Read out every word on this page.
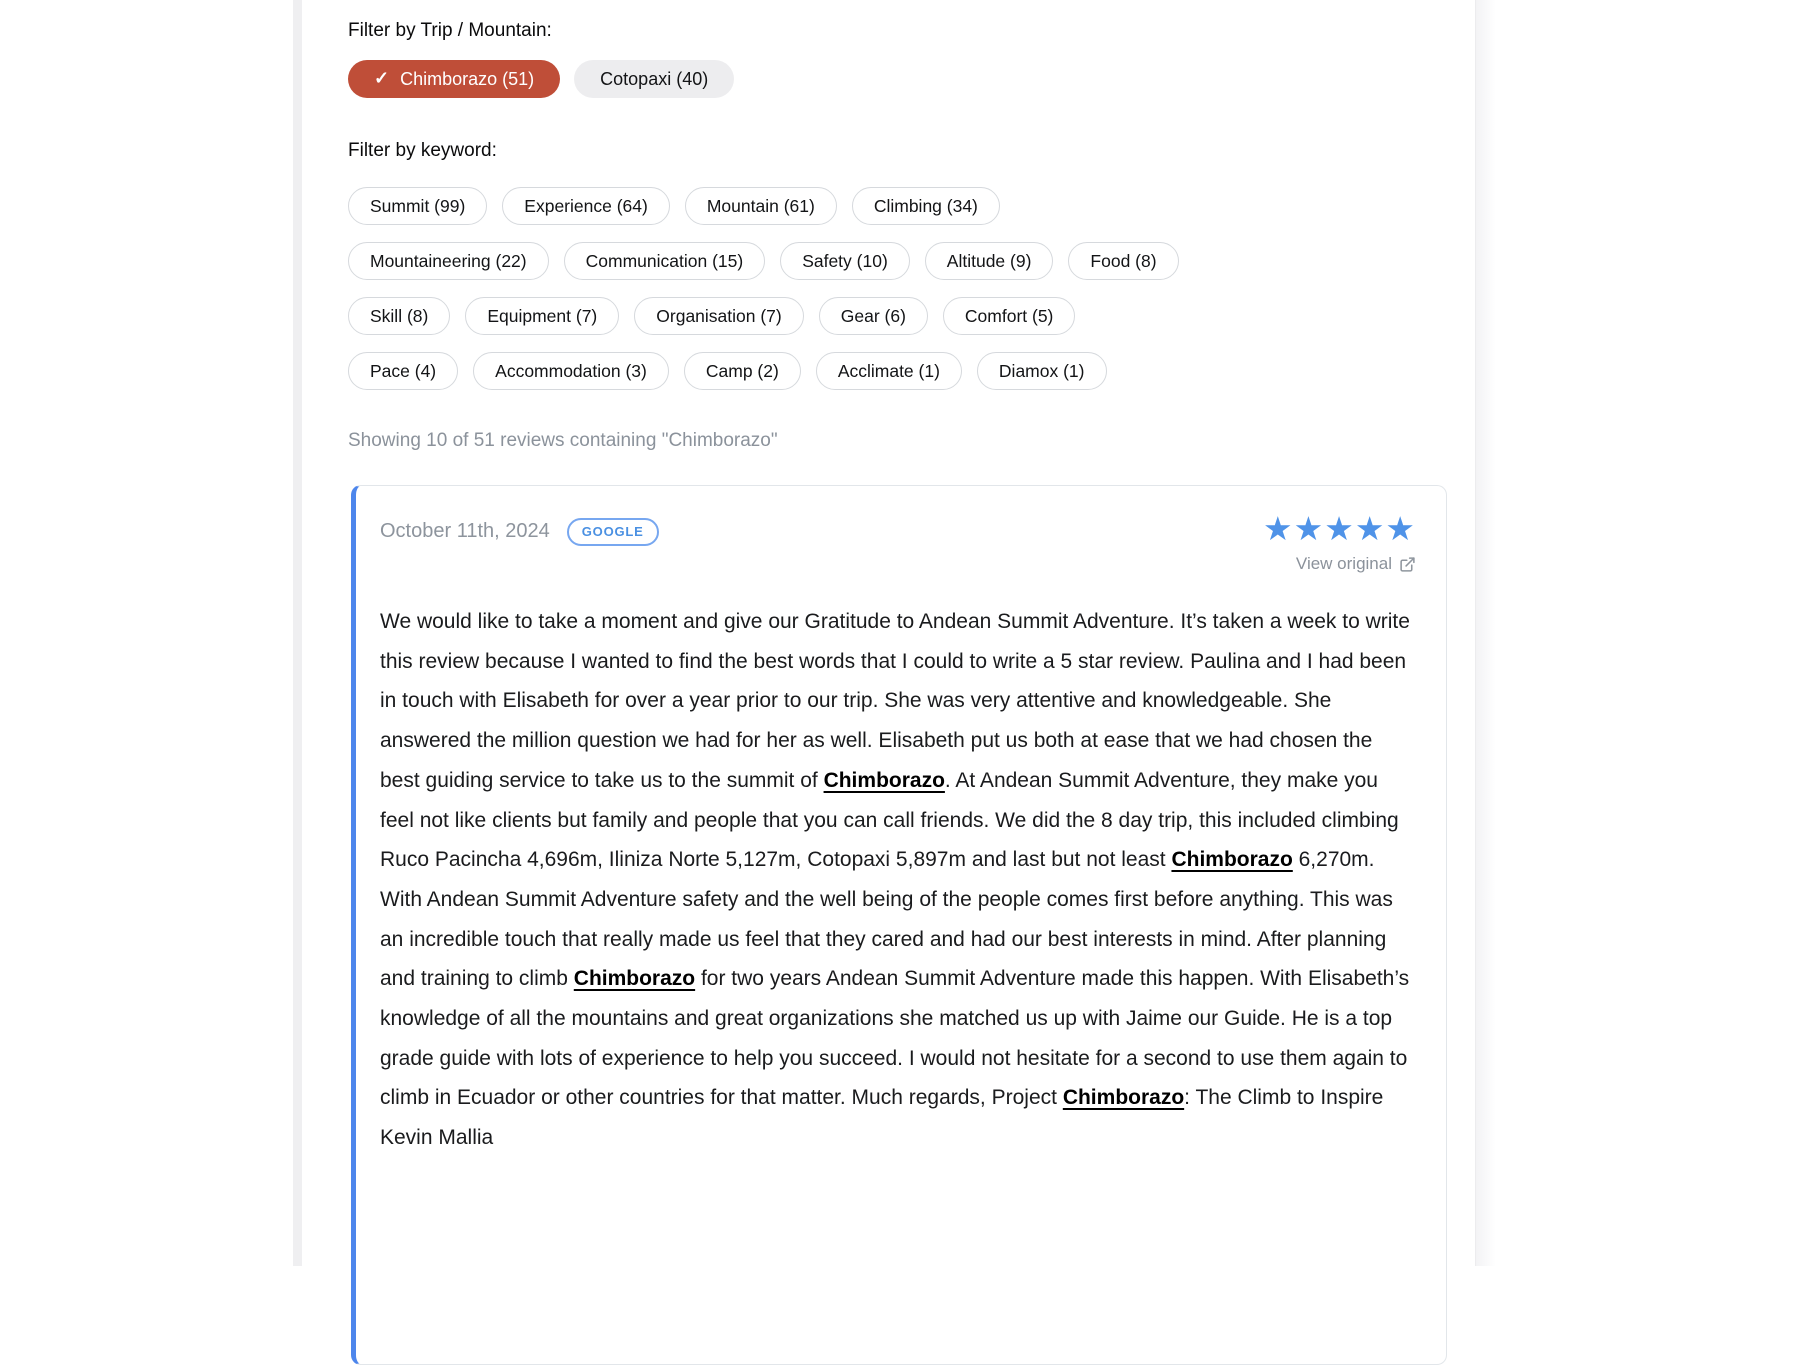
Filter by Trip / Mountain:
✓ Chimborazo (51)	Cotopaxi (40)
Filter by keyword:
Summit (99)	Experience (64)	Mountain (61)	Climbing (34)
Mountaineering (22)	Communication (15)	Safety (10)	Altitude (9)	Food (8)
Skill (8)	Equipment (7)	Organisation (7)	Gear (6)	Comfort (5)
Pace (4)	Accommodation (3)	Camp (2)	Acclimate (1)	Diamox (1)
Showing 10 of 51 reviews containing "Chimborazo"
October 11th, 2024	GOOGLE	★★★★★
View original
We would like to take a moment and give our Gratitude to Andean Summit Adventure. It’s taken a week to write this review because I wanted to find the best words that I could to write a 5 star review. Paulina and I had been in touch with Elisabeth for over a year prior to our trip. She was very attentive and knowledgeable. She answered the million question we had for her as well. Elisabeth put us both at ease that we had chosen the best guiding service to take us to the summit of Chimborazo. At Andean Summit Adventure, they make you feel not like clients but family and people that you can call friends. We did the 8 day trip, this included climbing Ruco Pacincha 4,696m, Iliniza Norte 5,127m, Cotopaxi 5,897m and last but not least Chimborazo 6,270m. With Andean Summit Adventure safety and the well being of the people comes first before anything. This was an incredible touch that really made us feel that they cared and had our best interests in mind. After planning and training to climb Chimborazo for two years Andean Summit Adventure made this happen. With Elisabeth’s knowledge of all the mountains and great organizations she matched us up with Jaime our Guide. He is a top grade guide with lots of experience to help you succeed. I would not hesitate for a second to use them again to climb in Ecuador or other countries for that matter. Much regards, Project Chimborazo: The Climb to Inspire Kevin Mallia
